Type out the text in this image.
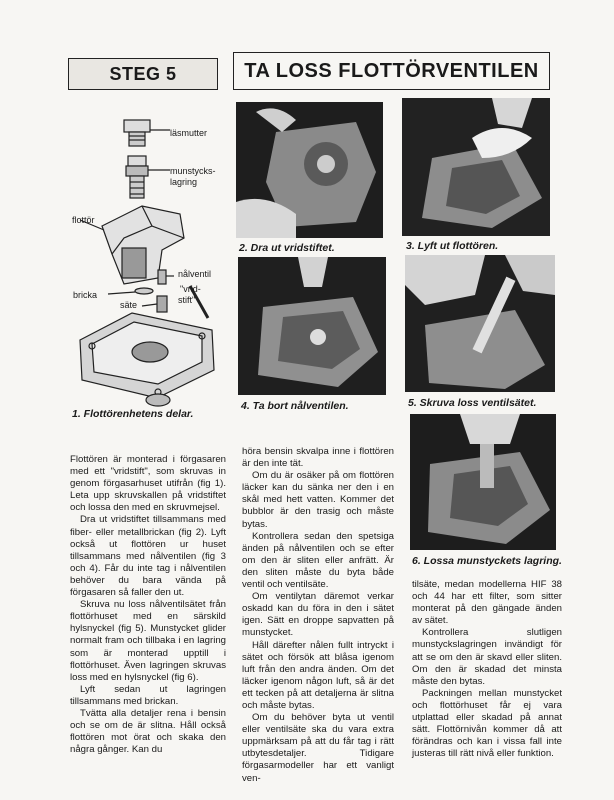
STEG 5	TA LOSS FLOTTÖRVENTILEN
läsmutter
munstycks-
lagring
flottör
nålventil
"vrid-
stift"
bricka
säte
1. Flottörenhetens delar.
2. Dra ut vridstiftet.	3. Lyft ut flottören.
4. Ta bort nålventilen.	5. Skruva loss ventilsätet.
6. Lossa munstyckets lagring.

Flottören är monterad i förgasaren med ett "vridstift", som skruvas in genom förgasarhuset utifrån (fig 1). Leta upp skruvskallen på vridstiftet och lossa den med en skruvmejsel.

Dra ut vridstiftet tillsammans med fiber- eller metallbrickan (fig 2). Lyft också ut flottören ur huset tillsammans med nålventilen (fig 3 och 4). Får du inte tag i nålventilen behöver du bara vända på förgasaren så faller den ut.

Skruva nu loss nålventilsätet från flottörhuset med en särskild hylsnyckel (fig 5). Munstycket glider normalt fram och tillbaka i en lagring som är monterad upptill i flottörhuset. Även lagringen skruvas loss med en hylsnyckel (fig 6).

Lyft sedan ut lagringen tillsammans med brickan.

Tvätta alla detaljer rena i bensin och se om de är slitna. Håll också flottören mot örat och skaka den några gånger. Kan du

höra bensin skvalpa inne i flottören är den inte tät.

Om du är osäker på om flottören läcker kan du sänka ner den i en skål med hett vatten. Kommer det bubblor är den trasig och måste bytas.

Kontrollera sedan den spetsiga änden på nålventilen och se efter om den är sliten eller anfrätt. Är den sliten måste du byta både ventil och ventilsäte.

Om ventilytan däremot verkar oskadd kan du föra in den i sätet igen. Sätt en droppe sapvatten på munstycket.

Håll därefter nålen fullt intryckt i sätet och försök att blåsa igenom luft från den andra änden. Om det läcker igenom någon luft, så är det ett tecken på att detaljerna är slitna och måste bytas.

Om du behöver byta ut ventil eller ventilsäte ska du vara extra uppmärksam på att du får tag i rätt utbytesdetaljer. Tidigare förgasarmodeller har ett vanligt ven-

tilsäte, medan modellerna HIF 38 och 44 har ett filter, som sitter monterat på den gängade änden av sätet.

Kontrollera slutligen munstyckslagringen invändigt för att se om den är skavd eller sliten. Om den är skadad det minsta måste den bytas.

Packningen mellan munstycket och flottörhuset får ej vara utplattad eller skadad på annat sätt. Flottörnivån kommer då att förändras och kan i vissa fall inte justeras till rätt nivå eller funktion.
